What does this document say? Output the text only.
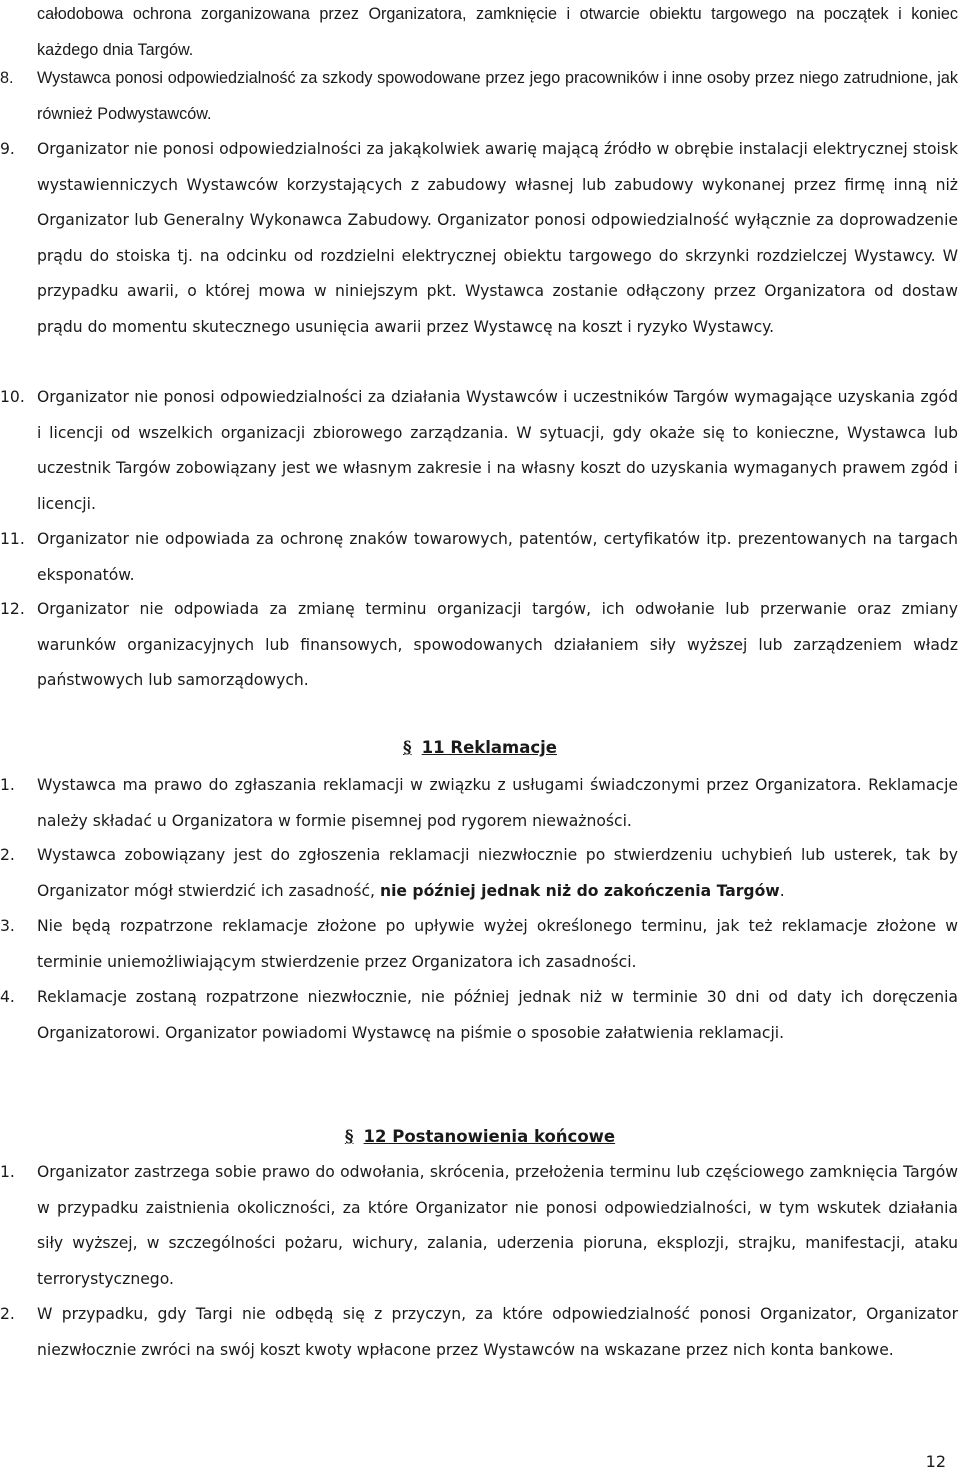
całodobowa ochrona zorganizowana przez Organizatora, zamknięcie i otwarcie obiektu targowego na początek i koniec każdego dnia Targów.

8.	Wystawca ponosi odpowiedzialność za szkody spowodowane przez jego pracowników i inne osoby przez niego zatrudnione, jak również Podwystawców.
9.	Organizator nie ponosi odpowiedzialności za jakąkolwiek awarię mającą źródło w obrębie instalacji elektrycznej stoisk wystawienniczych Wystawców korzystających z zabudowy własnej lub zabudowy wykonanej przez firmę inną niż Organizator lub Generalny Wykonawca Zabudowy. Organizator ponosi odpowiedzialność wyłącznie za doprowadzenie prądu do stoiska tj. na odcinku od rozdzielni elektrycznej obiektu targowego do skrzynki rozdzielczej Wystawcy. W przypadku awarii, o której mowa w niniejszym pkt. Wystawca zostanie odłączony przez Organizatora od dostaw prądu do momentu skutecznego usunięcia awarii przez Wystawcę na koszt i ryzyko Wystawcy.
10. Organizator nie ponosi odpowiedzialności za działania Wystawców i uczestników Targów wymagające uzyskania zgód i licencji od wszelkich organizacji zbiorowego zarządzania. W sytuacji, gdy okaże się to konieczne, Wystawca lub uczestnik Targów zobowiązany jest we własnym zakresie i na własny koszt do uzyskania wymaganych prawem zgód i licencji.
11. Organizator nie odpowiada za ochronę znaków towarowych, patentów, certyfikatów itp. prezentowanych na targach eksponatów.
12. Organizator nie odpowiada za zmianę terminu organizacji targów, ich odwołanie lub przerwanie oraz zmiany warunków organizacyjnych lub finansowych, spowodowanych działaniem siły wyższej lub zarządzeniem władz państwowych lub samorządowych.
§ 11 Reklamacje
1.	Wystawca ma prawo do zgłaszania reklamacji w związku z usługami świadczonymi przez Organizatora. Reklamacje należy składać u Organizatora w formie pisemnej pod rygorem nieważności.
2.	Wystawca zobowiązany jest do zgłoszenia reklamacji niezwłocznie po stwierdzeniu uchybień lub usterek, tak by Organizator mógł stwierdzić ich zasadność, nie później jednak niż do zakończenia Targów.
3.	Nie będą rozpatrzone reklamacje złożone po upływie wyżej określonego terminu, jak też reklamacje złożone w terminie uniemożliwiającym stwierdzenie przez Organizatora ich zasadności.
4.	Reklamacje zostaną rozpatrzone niezwłocznie, nie później jednak niż w terminie 30 dni od daty ich doręczenia Organizatorowi. Organizator powiadomi Wystawcę na piśmie o sposobie załatwienia reklamacji.
§ 12 Postanowienia końcowe
1.	Organizator zastrzega sobie prawo do odwołania, skrócenia, przełożenia terminu lub częściowego zamknięcia Targów w przypadku zaistnienia okoliczności, za które Organizator nie ponosi odpowiedzialności, w tym wskutek działania siły wyższej, w szczególności pożaru, wichury, zalania, uderzenia pioruna, eksplozji, strajku, manifestacji, ataku terrorystycznego.
2.	W przypadku, gdy Targi nie odbędą się z przyczyn, za które odpowiedzialność ponosi Organizator, Organizator niezwłocznie zwróci na swój koszt kwoty wpłacone przez Wystawców na wskazane przez nich konta bankowe.
12
